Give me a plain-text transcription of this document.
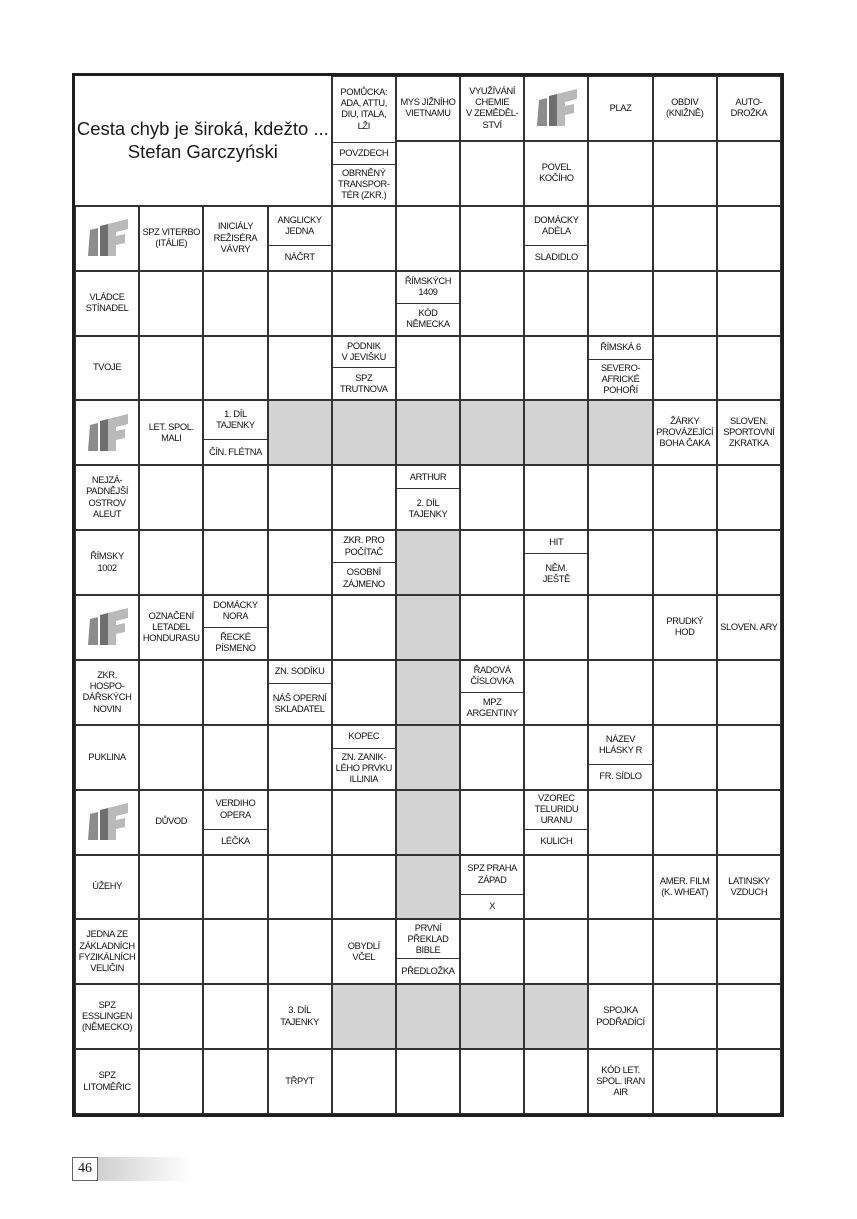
Cesta chyb je široká, kdežto ...
Stefan Garczyński
POMŮCKA:
ADA, ATTU,
DIU, ITALA,
LŽI
POVZDECH
OBRNĚNÝ
TRANSPOR-
TÉR (ZKR.)
MYS JIŽNÍHO
VIETNAMU
VYUŽÍVÁNÍ
CHEMIE
V ZEMĚDĚL-
STVÍ
PLAZ
OBDIV
(KNIŽNĚ)
AUTO-
DROŽKA
POVEL
KOČÍHO
SPZ VITERBO
(ITÁLIE)
INICIÁLY
REŽISÉRA
VÁVRY
ANGLICKY
JEDNA
NÁČRT
DOMÁCKY
ADÉLA
SLADIDLO
VLÁDCE
STÍNADEL
ŘÍMSKÝCH
1409
KÓD
NĚMECKA
TVOJE
PODNIK
V JEVIŠKU
SPZ
TRUTNOVA
ŘÍMSKÁ 6
SEVERO-
AFRICKÉ
POHOŘÍ
LET. SPOL.
MALI
1. DÍL
TAJENKY
ČÍN. FLÉTNA
ŽÁRKY
PROVÁZEJÍCÍ
BOHA ČAKA
SLOVEN.
SPORTOVNÍ
ZKRATKA
NEJZÁ-
PADNĚJŠÍ
OSTROV
ALEUT
ARTHUR
2. DÍL
TAJENKY
ŘÍMSKY
1002
ZKR. PRO
POČÍTAČ
OSOBNÍ
ZÁJMENO
HIT
NĚM.
JEŠTĚ
OZNAČENÍ
LETADEL
HONDURASU
DOMÁCKY
NORA
ŘECKÉ
PÍSMENO
PRUDKÝ
HOD
SLOVEN. ARY
ZKR.
HOSPO-
DÁŘSKÝCH
NOVIN
ZN. SODÍKU
NÁŠ OPERNÍ
SKLADATEL
ŘADOVÁ
ČÍSLOVKA
MPZ
ARGENTINY
PUKLINA
KOPEC
ZN. ZANIK-
LÉHO PRVKU
ILLINIA
NÁZEV
HLÁSKY R
FR. SÍDLO
DŮVOD
VERDIHO
OPERA
LÉČKA
VZOREC
TELURIDU
URANU
KULICH
ÚŽEHY
SPZ PRAHA
ZÁPAD
X
AMER. FILM
(K. WHEAT)
LATINSKY
VZDUCH
JEDNA ZE
ZÁKLADNÍCH
FYZIKÁLNÍCH
VELIČIN
OBYDLÍ
VČEL
PRVNÍ
PŘEKLAD
BIBLE
PŘEDLOŽKA
SPZ
ESSLINGEN
(NĚMECKO)
3. DÍL
TAJENKY
SPOJKA
PODŘADÍCÍ
SPZ
LITOMĚŘIC
TŘPYT
KÓD LET.
SPOL. IRAN
AIR
46
